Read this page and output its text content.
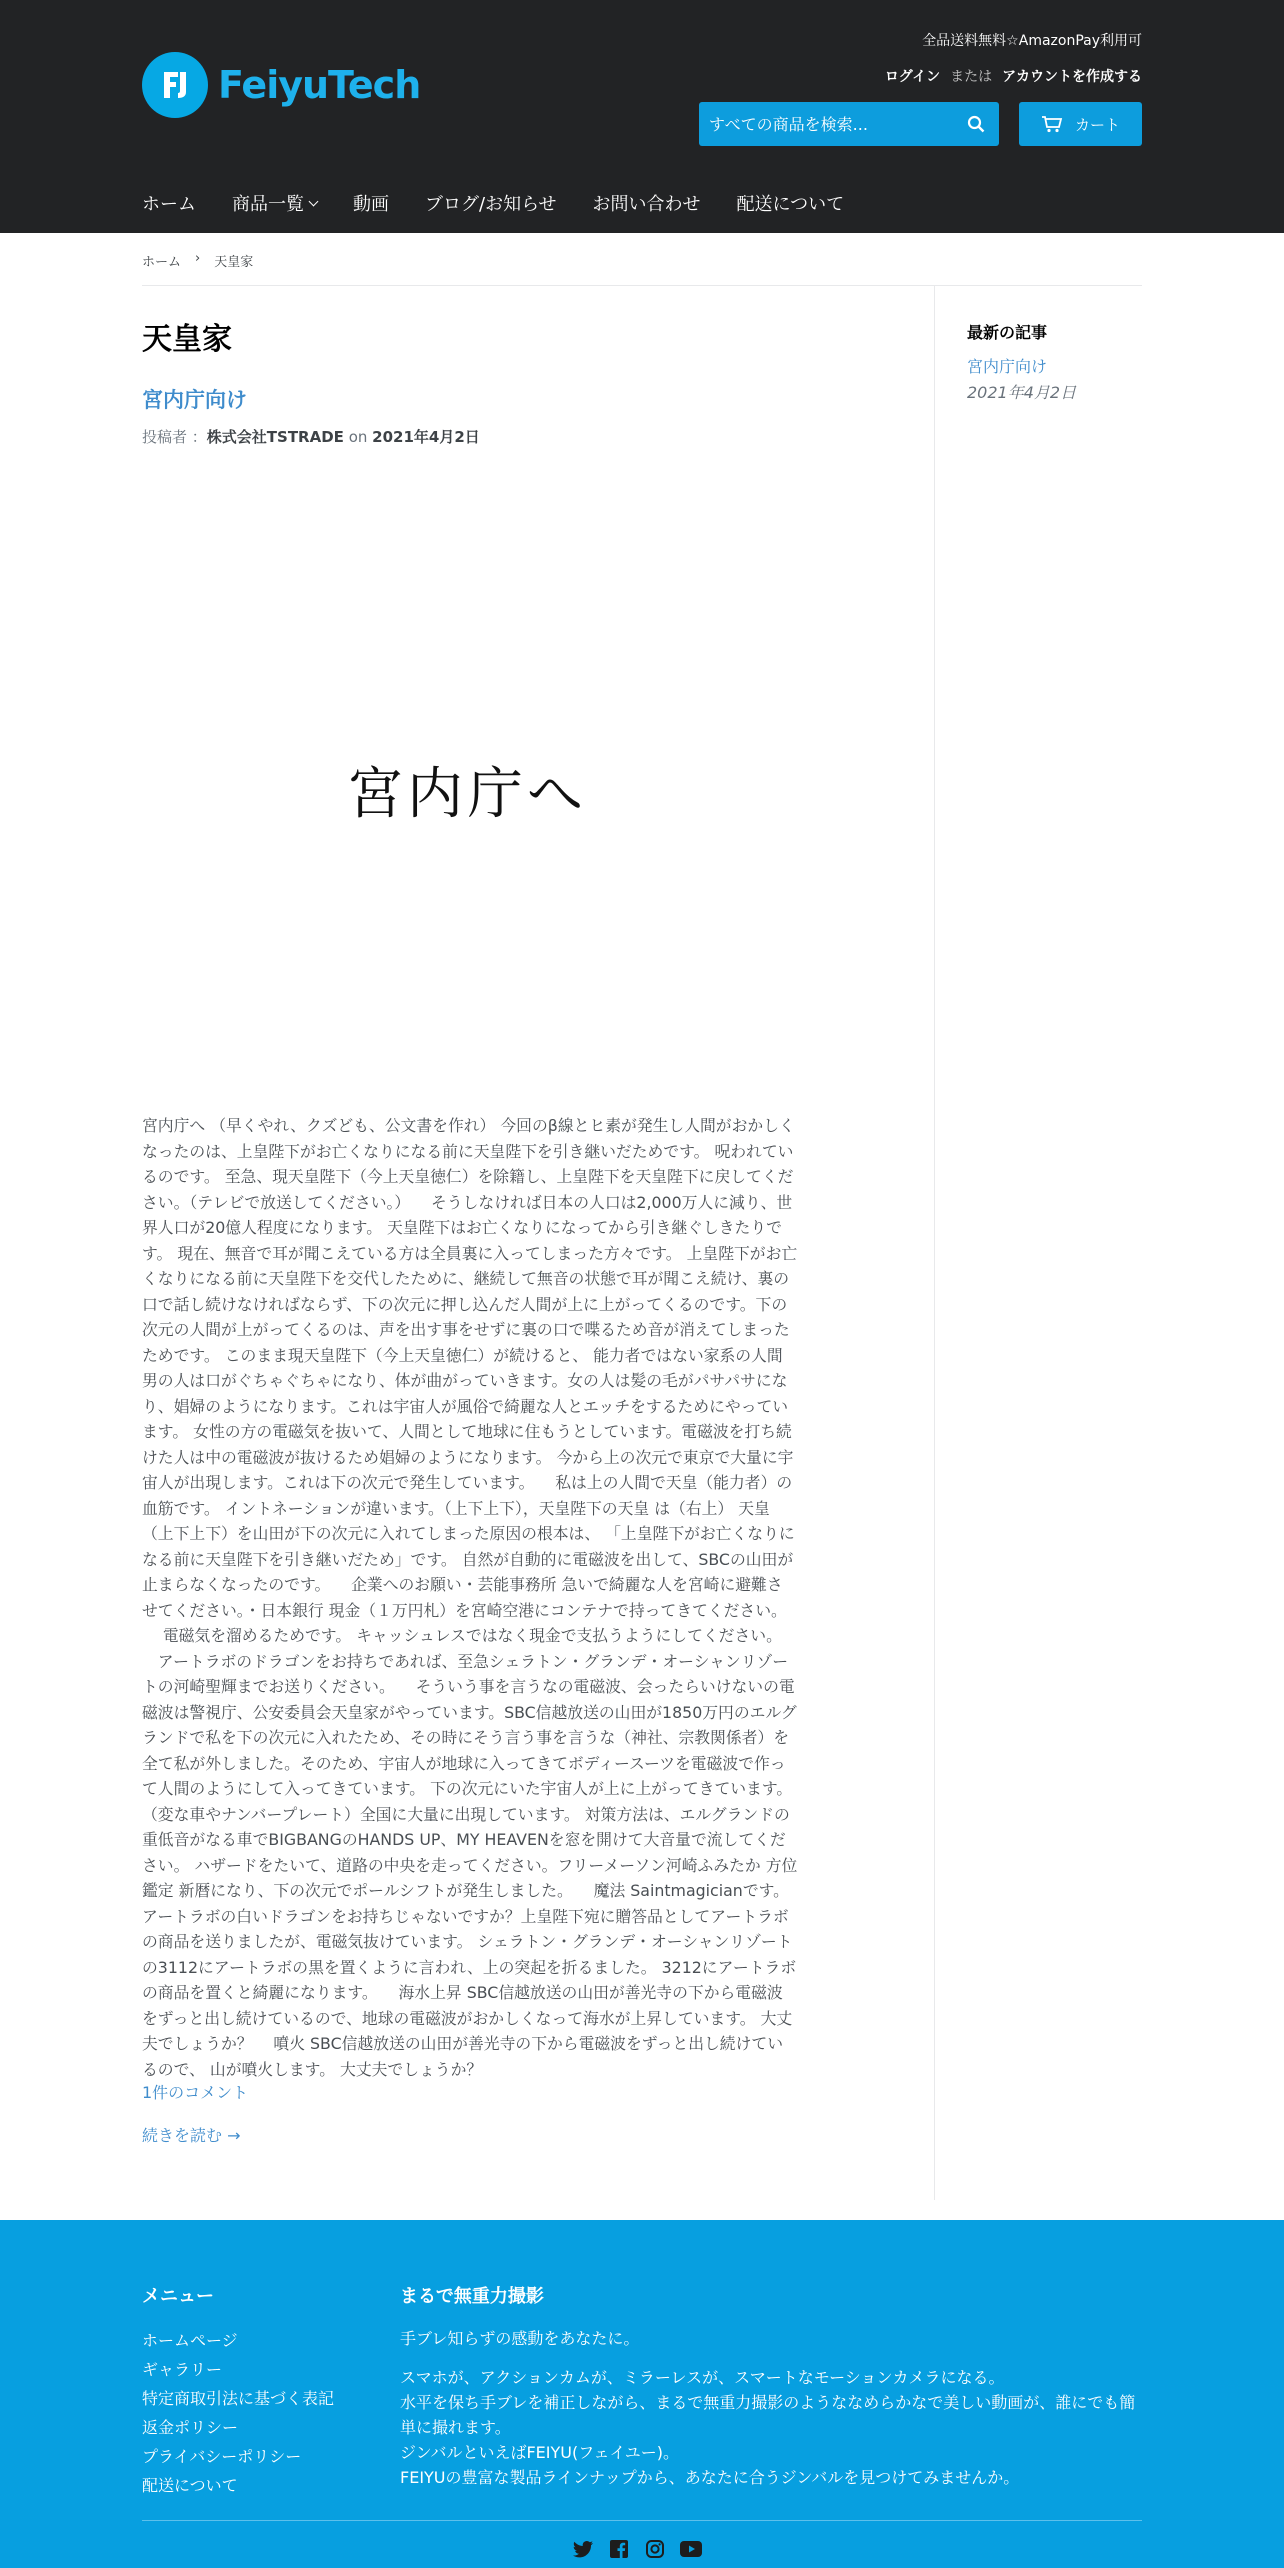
FeiyuTech
全品送料無料☆AmazonPay利用可
ログイン または アカウントを作成する
すべての商品を検索...
カート
ホーム 商品一覧	動画 ブログ/お知らせ お問い合わせ 配送について
ホーム › 天皇家
天皇家
宮内庁向け
投稿者 ：株式会社TSTRADE on 2021年4月2日
宮内庁へ
宮内庁へ （早くやれ、クズども、公文書を作れ） 今回のβ線とヒ素が発生し人間がおかしくなったのは、上皇陛下がお亡くなりになる前に天皇陛下を引き継いだためです。 呪われているのです。 至急、現天皇陛下（今上天皇徳仁）を除籍し、上皇陛下を天皇陛下に戻してください。（テレビで放送してください。） 　そうしなければ日本の人口は2,000万人に減り、世界人口が20億人程度になります。 天皇陛下はお亡くなりになってから引き継ぐしきたりです。 現在、無音で耳が聞こえている方は全員裏に入ってしまった方々です。 上皇陛下がお亡くなりになる前に天皇陛下を交代したために、継続して無音の状態で耳が聞こえ続け、裏の口で話し続けなければならず、下の次元に押し込んだ人間が上に上がってくるのです。下の次元の人間が上がってくるのは、声を出す事をせずに裏の口で喋るため音が消えてしまったためです。 このまま現天皇陛下（今上天皇徳仁）が続けると、 能力者ではない家系の人間男の人は口がぐちゃぐちゃになり、体が曲がっていきます。女の人は髪の毛がパサパサになり、娼婦のようになります。これは宇宙人が風俗で綺麗な人とエッチをするためにやっています。 女性の方の電磁気を抜いて、人間として地球に住もうとしています。電磁波を打ち続けた人は中の電磁波が抜けるため娼婦のようになります。 今から上の次元で東京で大量に宇宙人が出現します。これは下の次元で発生しています。 　私は上の人間で天皇（能力者）の血筋です。 イントネーションが違います。（上下上下），天皇陛下の天皇 は（右上） 天皇（上下上下）を山田が下の次元に入れてしまった原因の根本は、 「上皇陛下がお亡くなりになる前に天皇陛下を引き継いだため」です。 自然が自動的に電磁波を出して、SBCの山田が止まらなくなったのです。 　企業へのお願い・芸能事務所 急いで綺麗な人を宮崎に避難させてください。・日本銀行 現金（１万円札）を宮崎空港にコンテナで持ってきてください。 　 電磁気を溜めるためです。 キャッシュレスではなく現金で支払うようにしてください。 　アートラボのドラゴンをお持ちであれば、至急シェラトン・グランデ・オーシャンリゾートの河崎聖輝までお送りください。 　そういう事を言うなの電磁波、会ったらいけないの電磁波は警視庁、公安委員会天皇家がやっています。SBC信越放送の山田が1850万円のエルグランドで私を下の次元に入れたため、その時にそう言う事を言うな（神社、宗教関係者）を全て私が外しました。そのため、宇宙人が地球に入ってきてボディースーツを電磁波で作って人間のようにして入ってきています。 下の次元にいた宇宙人が上に上がってきています。（変な車やナンバープレート）全国に大量に出現しています。 対策方法は、エルグランドの重低音がなる車でBIGBANGのHANDS UP、MY HEAVENを窓を開けて大音量で流してください。 ハザードをたいて、道路の中央を走ってください。フリーメーソン河崎ふみたか 方位鑑定 新暦になり、下の次元でポールシフトが発生しました。 　魔法 Saintmagicianです。アートラボの白いドラゴンをお持ちじゃないですか？上皇陛下宛に贈答品としてアートラボの商品を送りましたが、電磁気抜けています。 シェラトン・グランデ・オーシャンリゾートの3112にアートラボの黒を置くように言われ、上の突起を折るました。 3212にアートラボの商品を置くと綺麗になります。 　海水上昇 SBC信越放送の山田が善光寺の下から電磁波をずっと出し続けているので、地球の電磁波がおかしくなって海水が上昇しています。 大丈夫でしょうか？ 　噴火 SBC信越放送の山田が善光寺の下から電磁波をずっと出し続けているので、 山が噴火します。 大丈夫でしょうか？
1件のコメント
続きを読む →
最新の記事
宮内庁向け
2021年4月2日
メニュー
ホームページ
ギャラリー
特定商取引法に基づく表記
返金ポリシー
プライバシーポリシー
配送について
まるで無重力撮影

手ブレ知らずの感動をあなたに。

スマホが、アクションカムが、ミラーレスが、スマートなモーションカメラになる。

水平を保ち手ブレを補正しながら、まるで無重力撮影のようななめらかなで美しい動画が、誰にでも簡単に撮れます。

ジンバルといえばFEIYU(フェイユー)。

FEIYUの豊富な製品ラインナップから、あなたに合うジンバルを見つけてみませんか。
